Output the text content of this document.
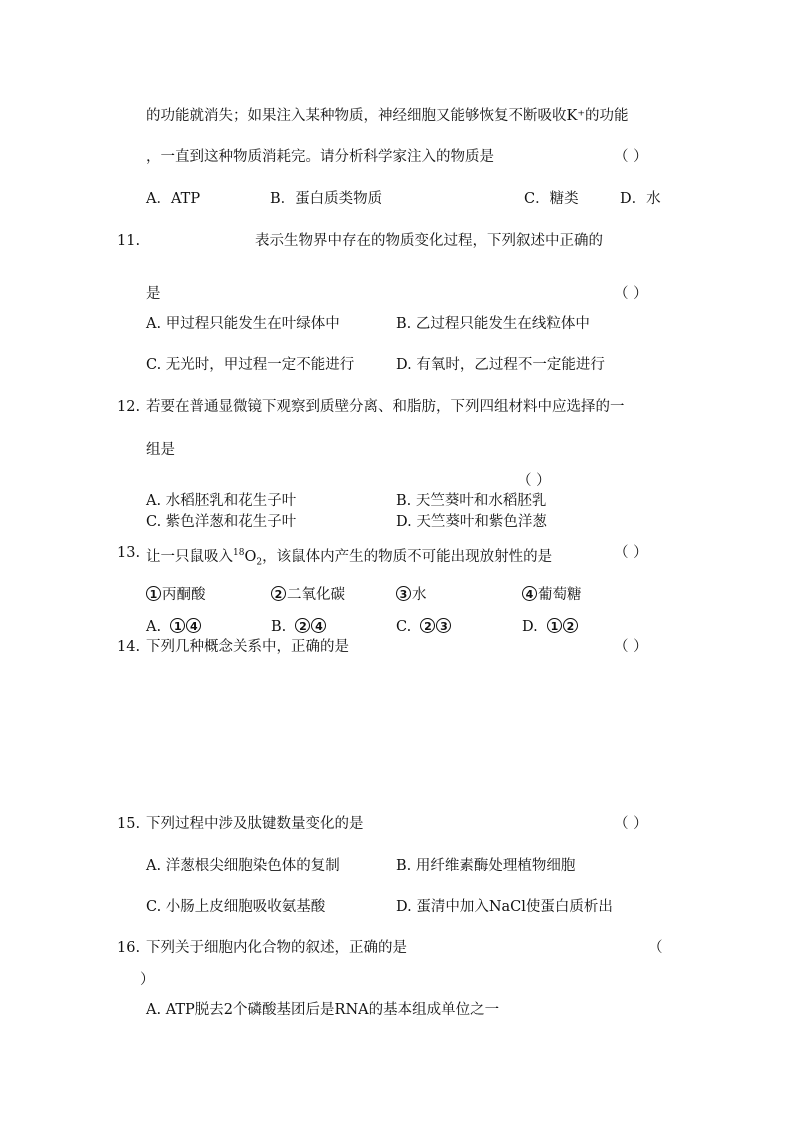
的功能就消失；如果注入某种物质，神经细胞又能够恢复不断吸收K⁺的功能
，一直到这种物质消耗完。请分析科学家注入的物质是	（ ）
A．ATP	B．蛋白质类物质	C．糖类	D．水
11.	表示生物界中存在的物质变化过程，下列叙述中正确的
是	（ ）
A. 甲过程只能发生在叶绿体中	B. 乙过程只能发生在线粒体中
C. 无光时，甲过程一定不能进行	D. 有氧时，乙过程不一定能进行
12. 若要在普通显微镜下观察到质壁分离、和脂肪，下列四组材料中应选择的一
组是
（ ）
A. 水稻胚乳和花生子叶	B. 天竺葵叶和水稻胚乳
C. 紫色洋葱和花生子叶	D. 天竺葵叶和紫色洋葱
13. 让一只鼠吸入$^{18}O_2$，该鼠体内产生的物质不可能出现放射性的是	（ ）
1 丙酮酸	2 二氧化碳	3 水	4 葡萄糖
A. 1 4	B. 2 4	C. 2 3	D. 1 2
14. 下列几种概念关系中，正确的是	（ ）
15. 下列过程中涉及肽键数量变化的是	（ ）
A. 洋葱根尖细胞染色体的复制	B. 用纤维素酶处理植物细胞
C. 小肠上皮细胞吸收氨基酸	D. 蛋清中加入NaCl使蛋白质析出
16. 下列关于细胞内化合物的叙述，正确的是	（
）
A. ATP脱去2个磷酸基团后是RNA的基本组成单位之一
